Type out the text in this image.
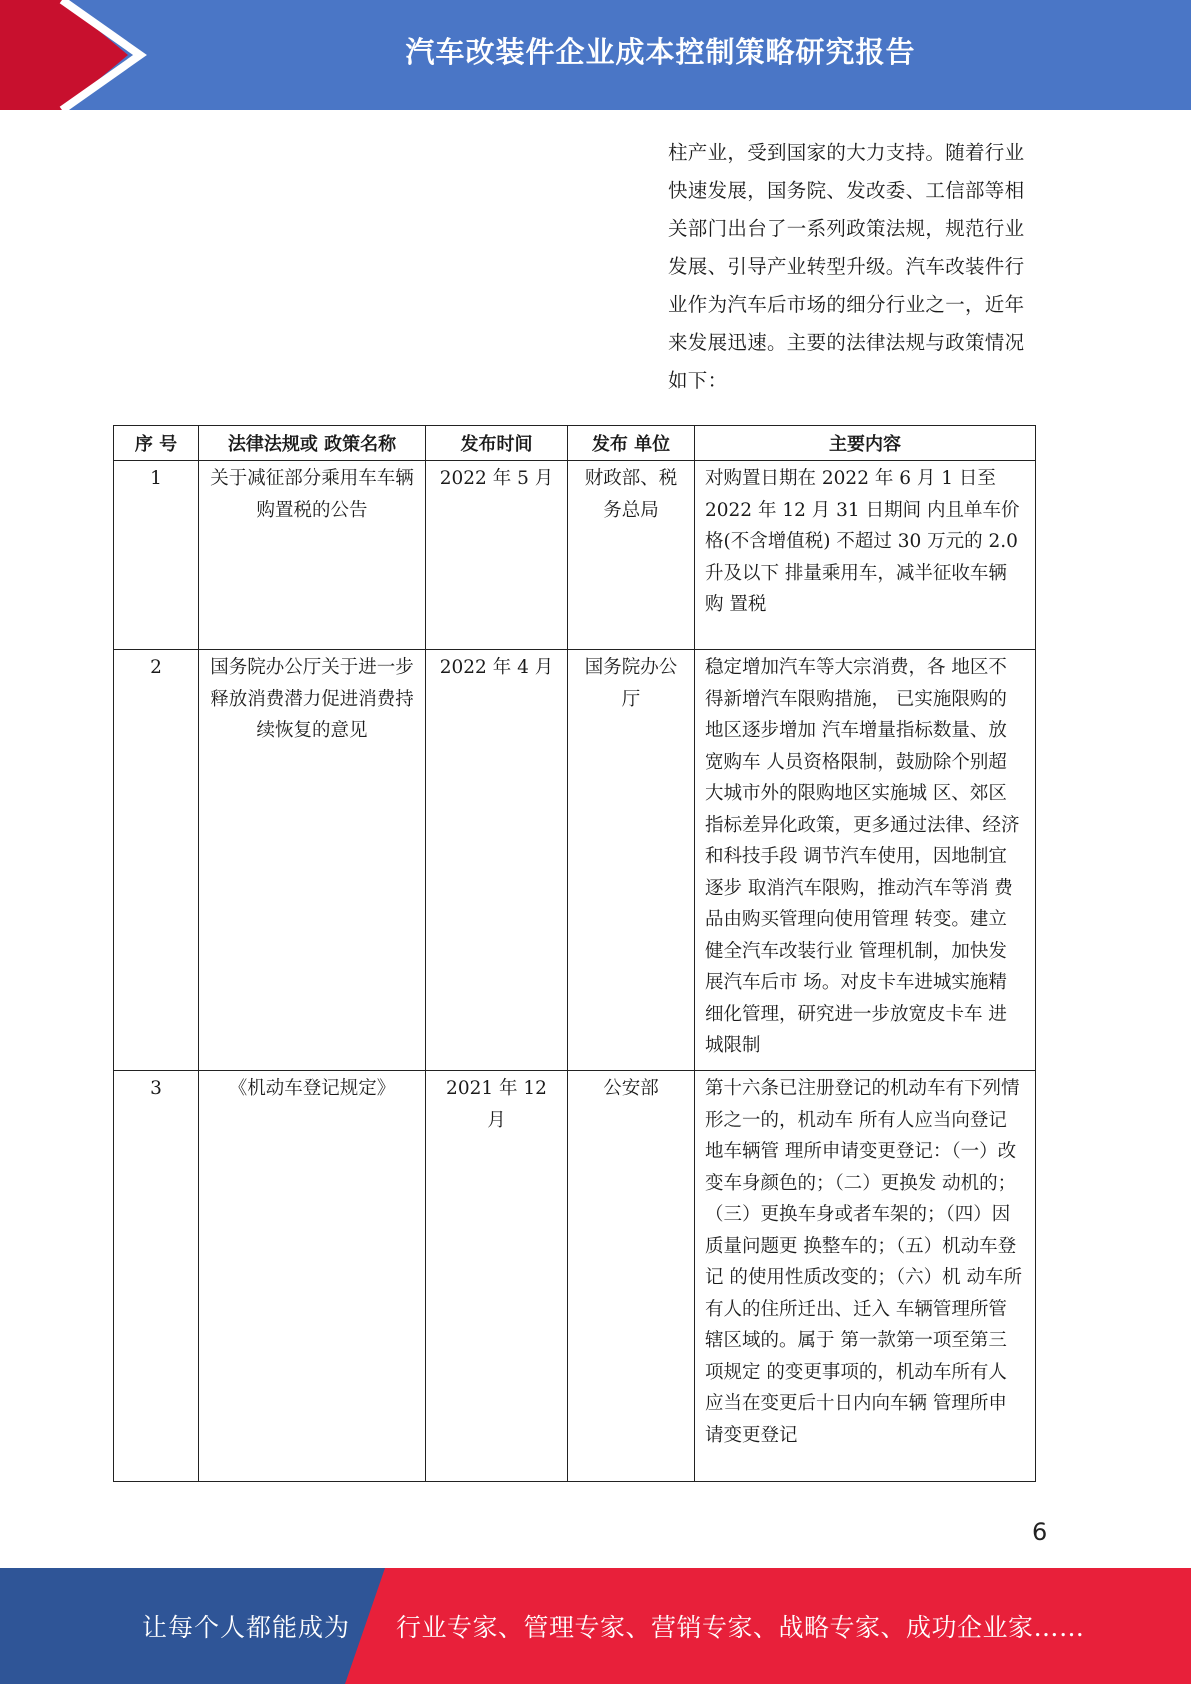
汽车改装件企业成本控制策略研究报告
柱产业，受到国家的大力支持。随着行业
快速发展，国务院、发改委、工信部等相
关部门出台了一系列政策法规，规范行业
发展、引导产业转型升级。汽车改装件行
业作为汽车后市场的细分行业之一，近年
来发展迅速。主要的法律法规与政策情况
如下：
序 号	法律法规或 政策名称	发布时间	发布 单位	主要内容
1	关于减征部分乘用车车辆购置税的公告	2022 年 5 月	财政部、税务总局	对购置日期在 2022 年 6 月 1 日至 2022 年 12 月 31 日期间 内且单车价格(不含增值税) 不超过 30 万元的 2.0 升及以下 排量乘用车，减半征收车辆购 置税
2	国务院办公厅关于进一步释放消费潜力促进消费持续恢复的意见	2022 年 4 月	国务院办公厅	稳定增加汽车等大宗消费，各 地区不得新增汽车限购措施， 已实施限购的地区逐步增加 汽车增量指标数量、放宽购车 人员资格限制，鼓励除个别超 大城市外的限购地区实施城 区、郊区指标差异化政策，更多通过法律、经济和科技手段 调节汽车使用，因地制宜逐步 取消汽车限购，推动汽车等消 费品由购买管理向使用管理 转变。建立健全汽车改装行业 管理机制，加快发展汽车后市 场。对皮卡车进城实施精细化管理，研究进一步放宽皮卡车 进城限制

3	《机动车登记规定》	2021 年 12 月	公安部	第十六条已注册登记的机动车有下列情形之一的，机动车 所有人应当向登记地车辆管 理所申请变更登记：（一）改 变车身颜色的；（二）更换发 动机的；（三）更换车身或者车架的；（四）因质量问题更 换整车的；（五）机动车登记 的使用性质改变的；（六）机 动车所有人的住所迁出、迁入 车辆管理所管辖区域的。属于 第一款第一项至第三项规定 的变更事项的，机动车所有人应当在变更后十日内向车辆 管理所申请变更登记
6
让每个人都能成为 行业专家、管理专家、营销专家、战略专家、成功企业家……
